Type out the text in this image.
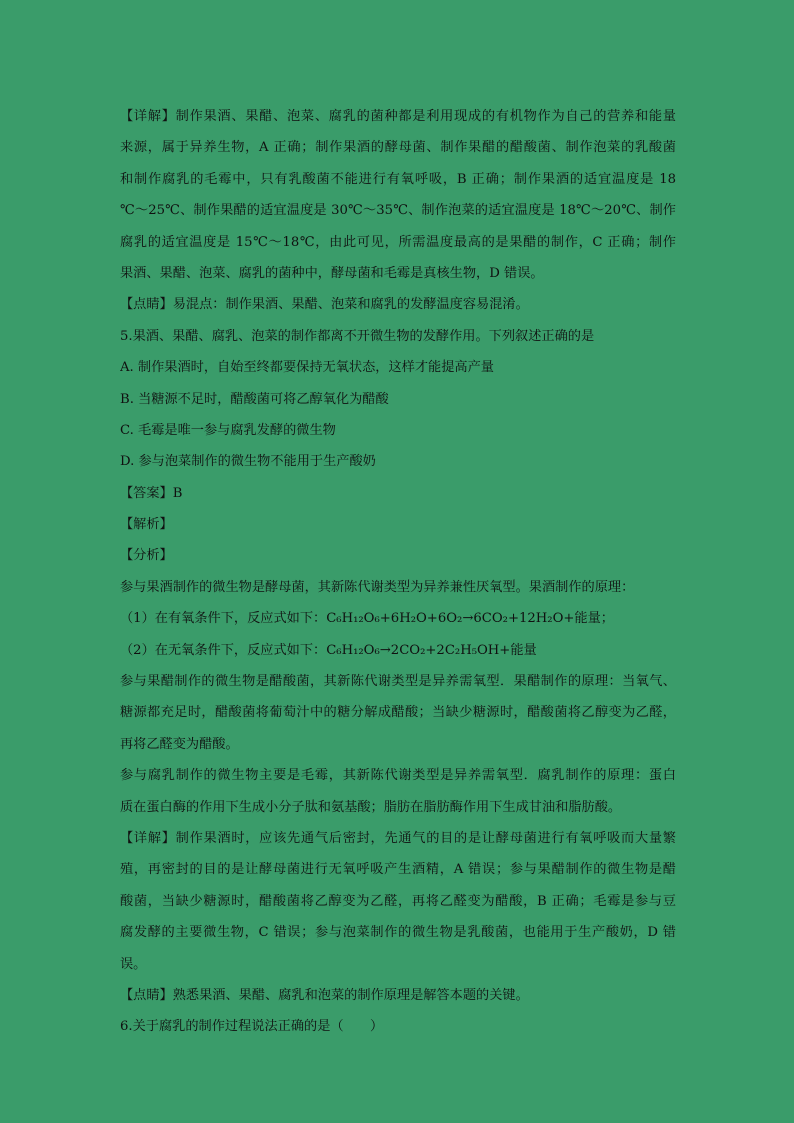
【详解】制作果酒、果醋、泡菜、腐乳的菌种都是利用现成的有机物作为自己的营养和能量
来源，属于异养生物，A 正确；制作果酒的酵母菌、制作果醋的醋酸菌、制作泡菜的乳酸菌
和制作腐乳的毛霉中，只有乳酸菌不能进行有氧呼吸，B 正确；制作果酒的适宜温度是 18
℃～25℃、制作果醋的适宜温度是 30℃～35℃、制作泡菜的适宜温度是 18℃～20℃、制作
腐乳的适宜温度是 15℃～18℃，由此可见，所需温度最高的是果醋的制作，C 正确；制作
果酒、果醋、泡菜、腐乳的菌种中，酵母菌和毛霉是真核生物，D 错误。
【点睛】易混点：制作果酒、果醋、泡菜和腐乳的发酵温度容易混淆。
5.果酒、果醋、腐乳、泡菜的制作都离不开微生物的发酵作用。下列叙述正确的是
A. 制作果酒时，自始至终都要保持无氧状态，这样才能提高产量
B. 当糖源不足时，醋酸菌可将乙醇氧化为醋酸
C. 毛霉是唯一参与腐乳发酵的微生物
D. 参与泡菜制作的微生物不能用于生产酸奶
【答案】B
【解析】
【分析】
参与果酒制作的微生物是酵母菌，其新陈代谢类型为异养兼性厌氧型。果酒制作的原理：
（1）在有氧条件下，反应式如下：C₆H₁₂O₆+6H₂O+6O₂→6CO₂+12H₂O+能量；
（2）在无氧条件下，反应式如下：C₆H₁₂O₆→2CO₂+2C₂H₅OH+能量
参与果醋制作的微生物是醋酸菌，其新陈代谢类型是异养需氧型．果醋制作的原理：当氧气、
糖源都充足时，醋酸菌将葡萄汁中的糖分解成醋酸；当缺少糖源时，醋酸菌将乙醇变为乙醛，
再将乙醛变为醋酸。
参与腐乳制作的微生物主要是毛霉，其新陈代谢类型是异养需氧型．腐乳制作的原理：蛋白
质在蛋白酶的作用下生成小分子肽和氨基酸；脂肪在脂肪酶作用下生成甘油和脂肪酸。
【详解】制作果酒时，应该先通气后密封，先通气的目的是让酵母菌进行有氧呼吸而大量繁
殖，再密封的目的是让酵母菌进行无氧呼吸产生酒精，A 错误；参与果醋制作的微生物是醋
酸菌，当缺少糖源时，醋酸菌将乙醇变为乙醛，再将乙醛变为醋酸，B 正确；毛霉是参与豆
腐发酵的主要微生物，C 错误；参与泡菜制作的微生物是乳酸菌，也能用于生产酸奶，D 错
误。
【点睛】熟悉果酒、果醋、腐乳和泡菜的制作原理是解答本题的关键。
6.关于腐乳的制作过程说法正确的是（　　）
